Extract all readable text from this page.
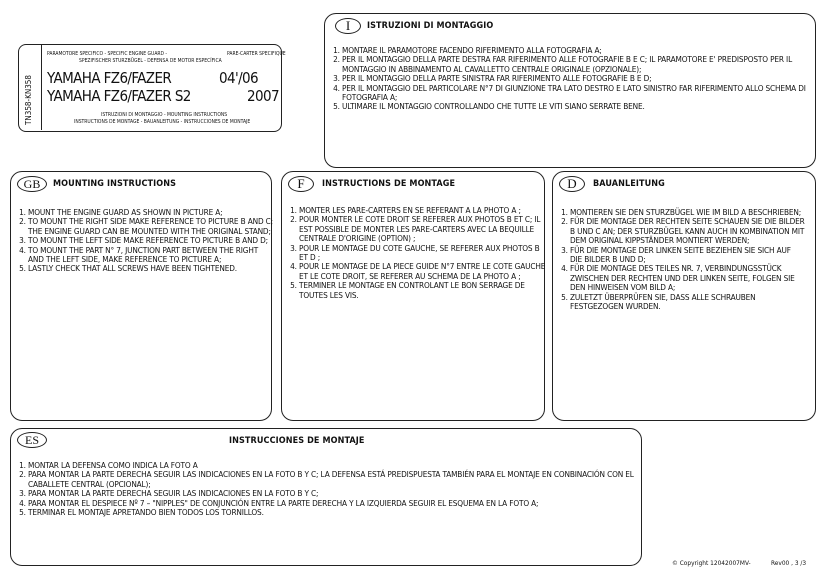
TN358-KN358
PARAMOTORE SPECIFICO - SPECIFIC ENGINE GUARD -	PARE-CARTER SPECIFIQUE
SPEZIFISCHER STURZBÜGEL - DEFENSA DE MOTOR ESPECÍFICA
YAMAHA FZ6/FAZER	04'/06
YAMAHA FZ6/FAZER S2	2007
ISTRUZIONI DI MONTAGGIO - MOUNTING INSTRUCTIONS
INSTRUCTIONS DE MONTAGE - BAUANLEITUNG - INSTRUCCIONES DE MONTAJE
I	ISTRUZIONI DI MONTAGGIO
1. MONTARE IL PARAMOTORE FACENDO RIFERIMENTO ALLA FOTOGRAFIA A;
2. PER IL MONTAGGIO DELLA PARTE DESTRA FAR RIFERIMENTO ALLE FOTOGRAFIE B E C; IL PARAMOTORE E' PREDISPOSTO PER IL MONTAGGIO IN ABBINAMENTO AL CAVALLETTO CENTRALE ORIGINALE (OPZIONALE);
3. PER IL MONTAGGIO DELLA PARTE SINISTRA FAR RIFERIMENTO ALLE FOTOGRAFIE B E D;
4. PER IL MONTAGGIO DEL PARTICOLARE N°7 DI GIUNZIONE TRA LATO DESTRO E LATO SINISTRO FAR RIFERIMENTO ALLO SCHEMA DI FOTOGRAFIA A;
5. ULTIMARE IL MONTAGGIO CONTROLLANDO CHE TUTTE LE VITI SIANO SERRATE BENE.
GB	MOUNTING INSTRUCTIONS
1. MOUNT THE ENGINE GUARD AS SHOWN IN PICTURE A;
2. TO MOUNT THE RIGHT SIDE MAKE REFERENCE TO PICTURE B AND C; THE ENGINE GUARD CAN BE MOUNTED WITH THE ORIGINAL STAND;
3. TO MOUNT THE LEFT SIDE MAKE REFERENCE TO PICTURE B AND D;
4. TO MOUNT THE PART N° 7, JUNCTION PART BETWEEN THE RIGHT AND THE LEFT SIDE, MAKE REFERENCE TO PICTURE A;
5. LASTLY CHECK THAT ALL SCREWS HAVE BEEN TIGHTENED.
F	INSTRUCTIONS DE MONTAGE
1. MONTER LES PARE-CARTERS EN SE REFERANT A LA PHOTO A ;
2. POUR MONTER LE COTE DROIT SE REFERER AUX PHOTOS B ET C; IL EST POSSIBLE DE MONTER LES PARE-CARTERS AVEC LA BEQUILLE CENTRALE D'ORIGINE (OPTION) ;
3. POUR LE MONTAGE DU COTE GAUCHE, SE REFERER AUX PHOTOS B ET D ;
4. POUR LE MONTAGE DE LA PIECE GUIDE N°7 ENTRE LE COTE GAUCHE ET LE COTE DROIT, SE REFERER AU SCHEMA DE LA PHOTO A ;
5. TERMINER LE MONTAGE EN CONTROLANT LE BON SERRAGE DE TOUTES LES VIS.
D	BAUANLEITUNG
1. MONTIEREN SIE DEN STURZBÜGEL WIE IM BILD A BESCHRIEBEN;
2. FÜR DIE MONTAGE DER RECHTEN SEITE SCHAUEN SIE DIE BILDER B UND C AN; DER STURZBÜGEL KANN AUCH IN KOMBINATION MIT DEM ORIGINAL KIPPSTÄNDER MONTIERT WERDEN;
3. FÜR DIE MONTAGE DER LINKEN SEITE BEZIEHEN SIE SICH AUF DIE BILDER B UND D;
4. FÜR DIE MONTAGE DES TEILES NR. 7, VERBINDUNGSSTÜCK ZWISCHEN DER RECHTEN UND DER LINKEN SEITE, FOLGEN SIE DEN HINWEISEN VOM BILD A;
5. ZULETZT ÜBERPRÜFEN SIE, DASS ALLE SCHRAUBEN FESTGEZOGEN WURDEN.
ES	INSTRUCCIONES DE MONTAJE
1. MONTAR LA DEFENSA COMO INDICA LA FOTO A
2. PARA MONTAR LA PARTE DERECHA SEGUIR LAS INDICACIONES EN LA FOTO B Y C; LA DEFENSA ESTÁ PREDISPUESTA TAMBIÉN PARA EL MONTAJE EN CONBINACIÓN CON EL CABALLETE CENTRAL (OPCIONAL);
3. PARA MONTAR LA PARTE DERECHA SEGUIR LAS INDICACIONES EN LA FOTO B Y C;
4. PARA MONTAR EL DESPIECE Nº 7 – "NIPPLES" DE CONJUNCIÓN ENTRE LA PARTE DERECHA Y LA IZQUIERDA SEGUIR EL ESQUEMA EN LA FOTO A;
5. TERMINAR EL MONTAJE APRETANDO BIEN TODOS LOS TORNILLOS.
© Copyright 12042007MV-	Rev00 , 3 /3
